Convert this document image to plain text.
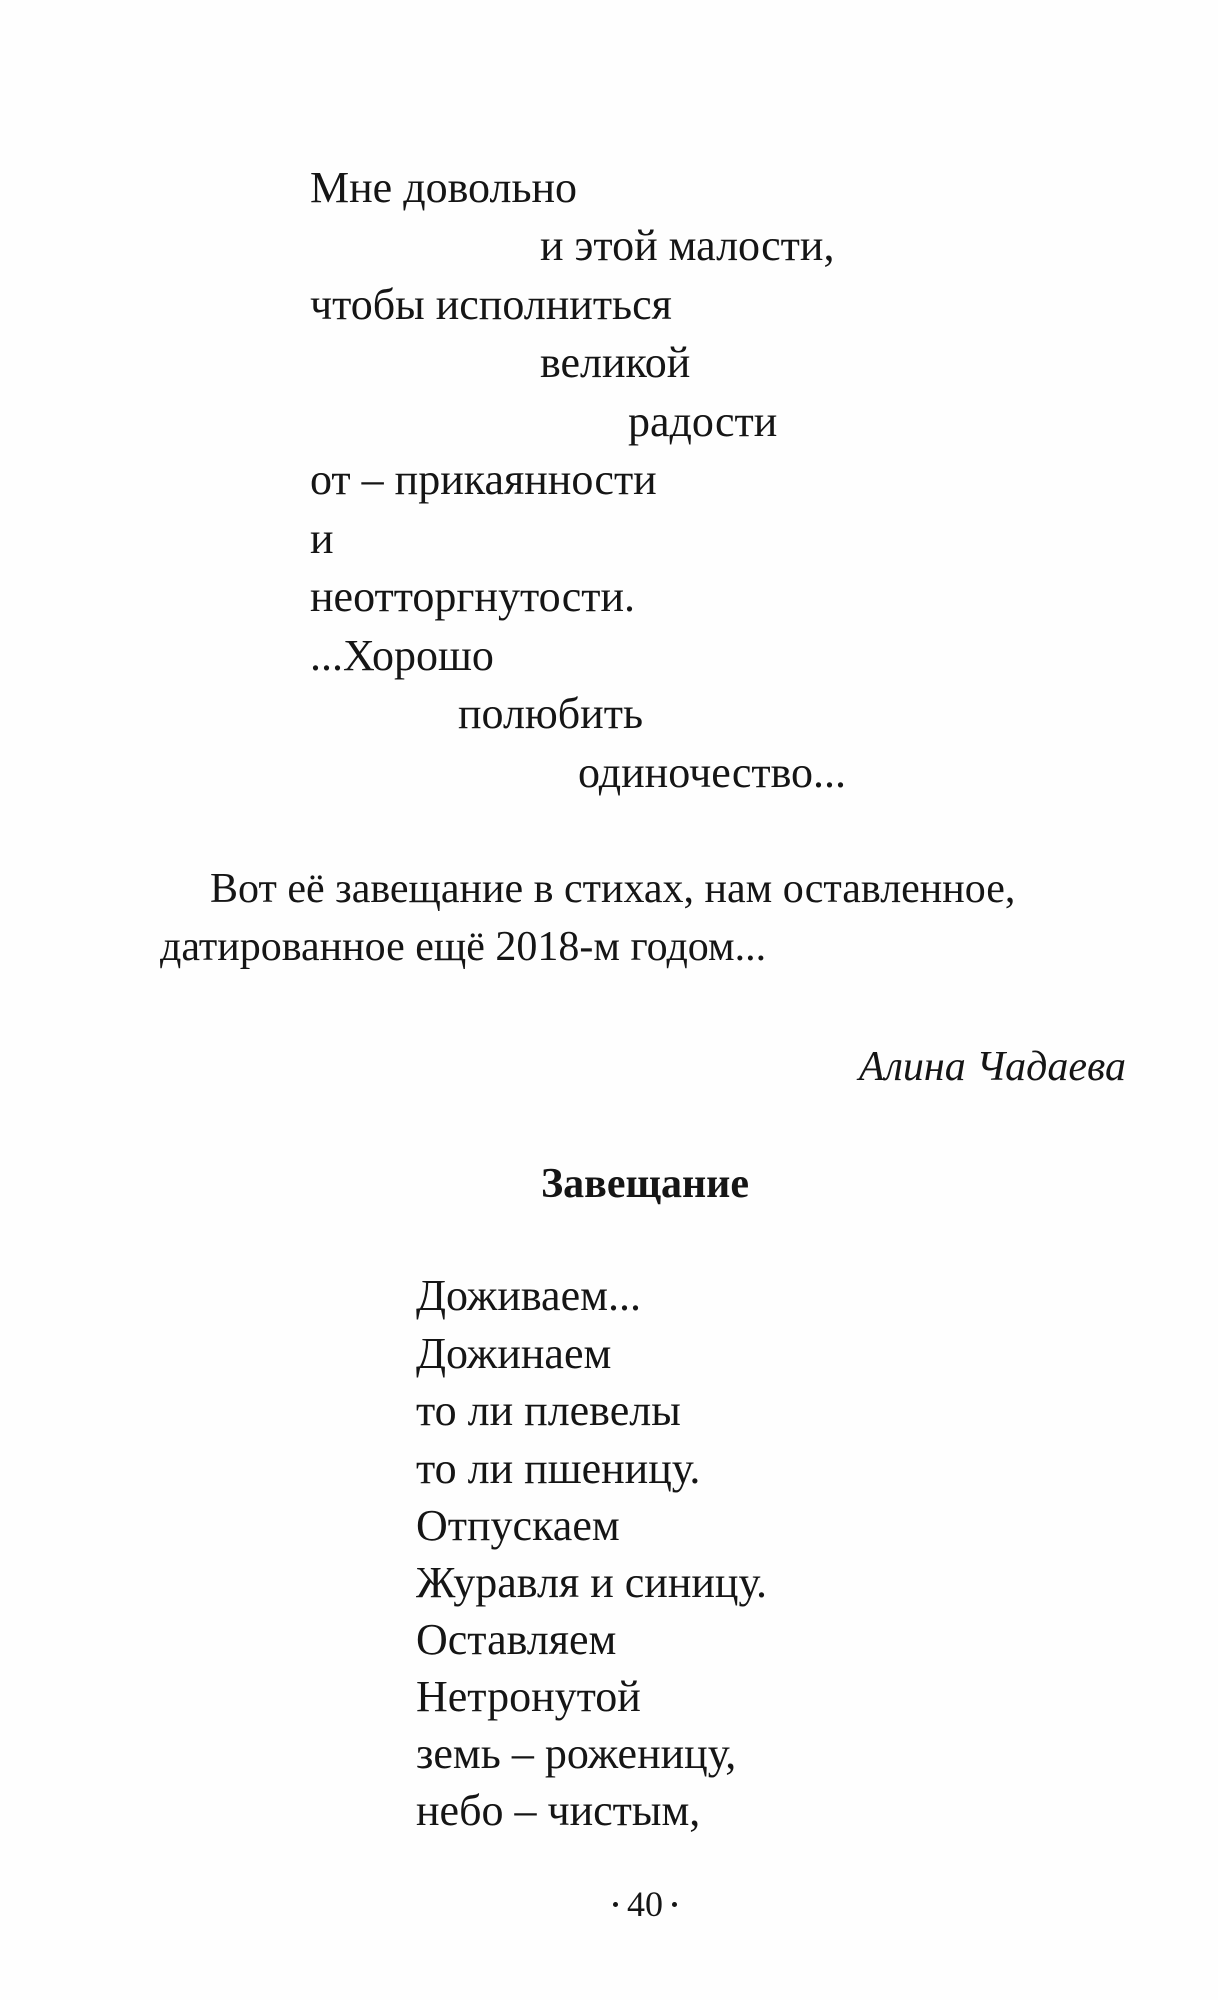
Мне довольно
и этой малости,
чтобы исполниться
великой
радости
от – прикаянности
и
неотторгнутости.
...Хорошо
полюбить
одиночество...
Вот её завещание в стихах, нам оставленное,
датированное ещё 2018-м годом...
Алина Чадаева
Завещание
Доживаем...
Дожинаем
то ли плевелы
то ли пшеницу.
Отпускаем
Журавля и синицу.
Оставляем
Нетронутой
земь – роженицу,
небо – чистым,
40
